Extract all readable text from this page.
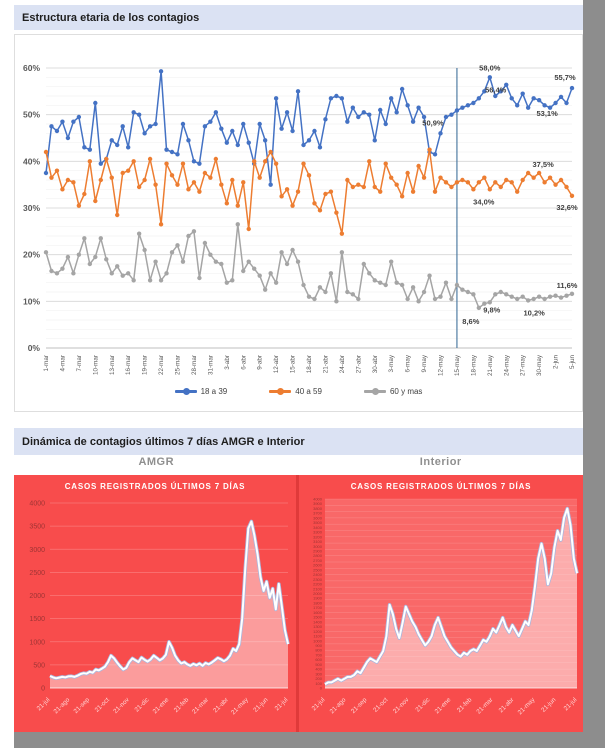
Estructura etaria de los contagios
0%
10%
20%
30%
40%
50%
60%
1-mar 4-mar 7-mar 10-mar 13-mar 16-mar 19-mar 22-mar 25-mar 28-mar 31-mar 3-abr 6-abr 9-abr 12-abr 15-abr 18-abr 21-abr 24-abr 27-abr 30-abr 3-may 6-may 9-may 12-may 15-may 18-may 21-may 24-may 27-may 30-may 2-jun 5-jun
50,9%
58,0%
56,4%
53,1%
55,7%
34,0%
37,5%
32,6%
8,6%
9,8%	10,2%
11,6%
18 a 39	40 a 59	60 y mas
Dinámica de contagios últimos 7 días AMGR e Interior
AMGR	Interior
CASOS REGISTRADOS ÚLTIMOS 7 DÍAS
0
500
1000
1500
2000
2500
3000
3500
4000
21-jul 21-ago 21-sep 21-oct 21-nov 21-dic 21-ene 21-feb 21-mar 21-abr 21-may 21-jun 21-jul
CASOS REGISTRADOS ÚLTIMOS 7 DÍAS
4000
3900
3800
3700
3600
3500
3400
3300
3200
3100
3000
2900
2800
2700
2600
2500
2400
2300
2200
2100
2000
1900
1800
1700
1600
1500
1400
1300
1200
1100
1000
900
800
700
600
500
400
300
200
100
0
21-jul 21-ago 21-sep 21-oct 21-nov 21-dic 21-ene 21-feb 21-mar 21-abr 21-may 21-jun 21-jul
